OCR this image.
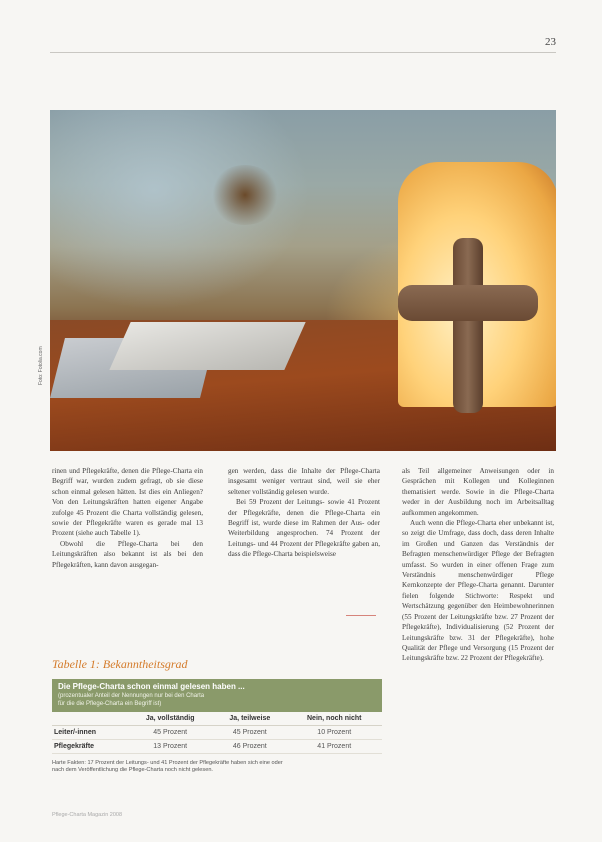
23
Foto: Fotolia.com

rinen und Pflegekräfte, denen die Pflege-Charta ein Begriff war, wurden zudem gefragt, ob sie diese schon einmal gelesen hätten. Ist dies ein Anliegen? Von den Leitungskräften hatten eigener Angabe zufolge 45 Prozent die Charta vollständig gelesen, sowie der Pflegekräfte waren es gerade mal 13 Prozent (siehe auch Tabelle 1).

Obwohl die Pflege-Charta bei den Leitungskräften also bekannt ist als bei den Pflegekräften, kann davon ausgegan-

gen werden, dass die Inhalte der Pflege-Charta insgesamt weniger vertraut sind, weil sie eher seltener vollständig gelesen wurde.

Bei 59 Prozent der Leitungs- sowie 41 Prozent der Pflegekräfte, denen die Pflege-Charta ein Begriff ist, wurde diese im Rahmen der Aus- oder Weiterbildung angesprochen. 74 Prozent der Leitungs- und 44 Prozent der Pflegekräfte gaben an, dass die Pflege-Charta beispielsweise

als Teil allgemeiner Anweisungen oder in Gesprächen mit Kollegen und Kolleginnen thematisiert werde. Sowie in die Pflege-Charta weder in der Ausbildung noch im Arbeitsalltag aufkommen angekommen.

Auch wenn die Pflege-Charta eher unbekannt ist, so zeigt die Umfrage, dass doch, dass deren Inhalte im Großen und Ganzen das Verständnis der Befragten menschenwürdiger Pflege der Befragten umfasst. So wurden in einer offenen Frage zum Verständnis menschenwürdiger Pflege Kernkonzepte der Pflege-Charta genannt. Darunter fielen folgende Stichworte: Respekt und Wertschätzung gegenüber den Heimbewohnerinnen (55 Prozent der Leitungskräfte bzw. 27 Prozent der Pflegekräfte), Individualisierung (52 Prozent der Leitungskräfte bzw. 31 der Pflegekräfte), hohe Qualität der Pflege und Versorgung (15 Prozent der Leitungskräfte bzw. 22 Prozent der Pflegekräfte).

Tabelle 1: Bekanntheitsgrad
Die Pflege-Charta schon einmal gelesen haben ...
(prozentualer Anteil der Nennungen nur bei den Charta
für die die Pflege-Charta ein Begriff ist)
	Ja, vollständig	Ja, teilweise	Nein, noch nicht
Leiter/-innen	45 Prozent	45 Prozent	10 Prozent
Pflegekräfte	13 Prozent	46 Prozent	41 Prozent
Harte Fakten: 17 Prozent der Leitungs- und 41 Prozent der Pflegekräfte haben sich eine oder
nach dem Veröffentlichung die Pflege-Charta noch nicht gelesen.
Pflege-Charta Magazin 2008
